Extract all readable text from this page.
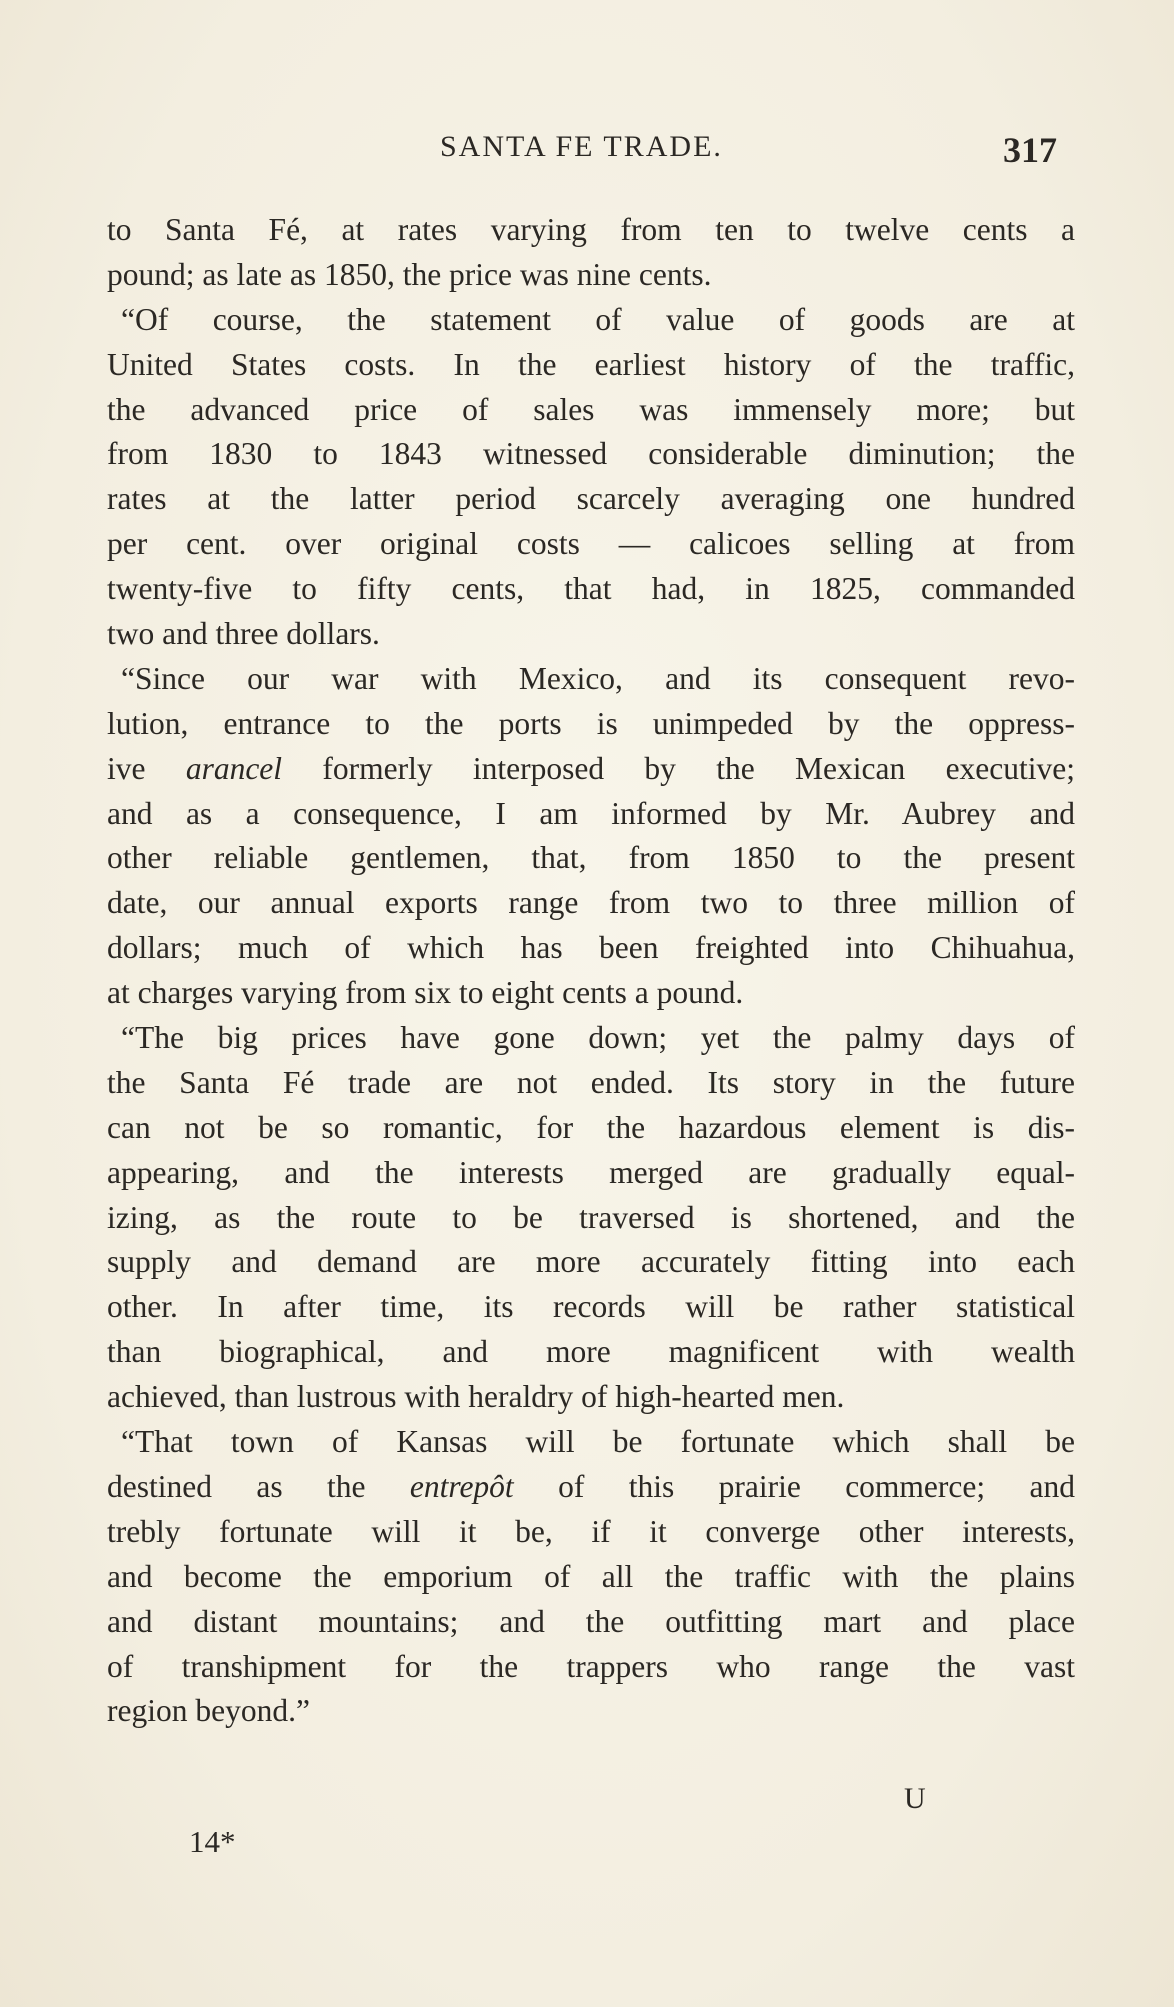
SANTA FE TRADE.	317
to Santa Fé, at rates varying from ten to twelve cents a
pound; as late as 1850, the price was nine cents.
“Of course, the statement of value of goods are at
United States costs. In the earliest history of the traffic,
the advanced price of sales was immensely more; but
from 1830 to 1843 witnessed considerable diminution; the
rates at the latter period scarcely averaging one hundred
per cent. over original costs — calicoes selling at from
twenty-five to fifty cents, that had, in 1825, commanded
two and three dollars.
“Since our war with Mexico, and its consequent revo-
lution, entrance to the ports is unimpeded by the oppress-
ive arancel formerly interposed by the Mexican executive;
and as a consequence, I am informed by Mr. Aubrey and
other reliable gentlemen, that, from 1850 to the present
date, our annual exports range from two to three million of
dollars; much of which has been freighted into Chihuahua,
at charges varying from six to eight cents a pound.
“The big prices have gone down; yet the palmy days of
the Santa Fé trade are not ended. Its story in the future
can not be so romantic, for the hazardous element is dis-
appearing, and the interests merged are gradually equal-
izing, as the route to be traversed is shortened, and the
supply and demand are more accurately fitting into each
other. In after time, its records will be rather statistical
than biographical, and more magnificent with wealth
achieved, than lustrous with heraldry of high-hearted men.
“That town of Kansas will be fortunate which shall be
destined as the entrepôt of this prairie commerce; and
trebly fortunate will it be, if it converge other interests,
and become the emporium of all the traffic with the plains
and distant mountains; and the outfitting mart and place
of transhipment for the trappers who range the vast
region beyond.”
U
14*
